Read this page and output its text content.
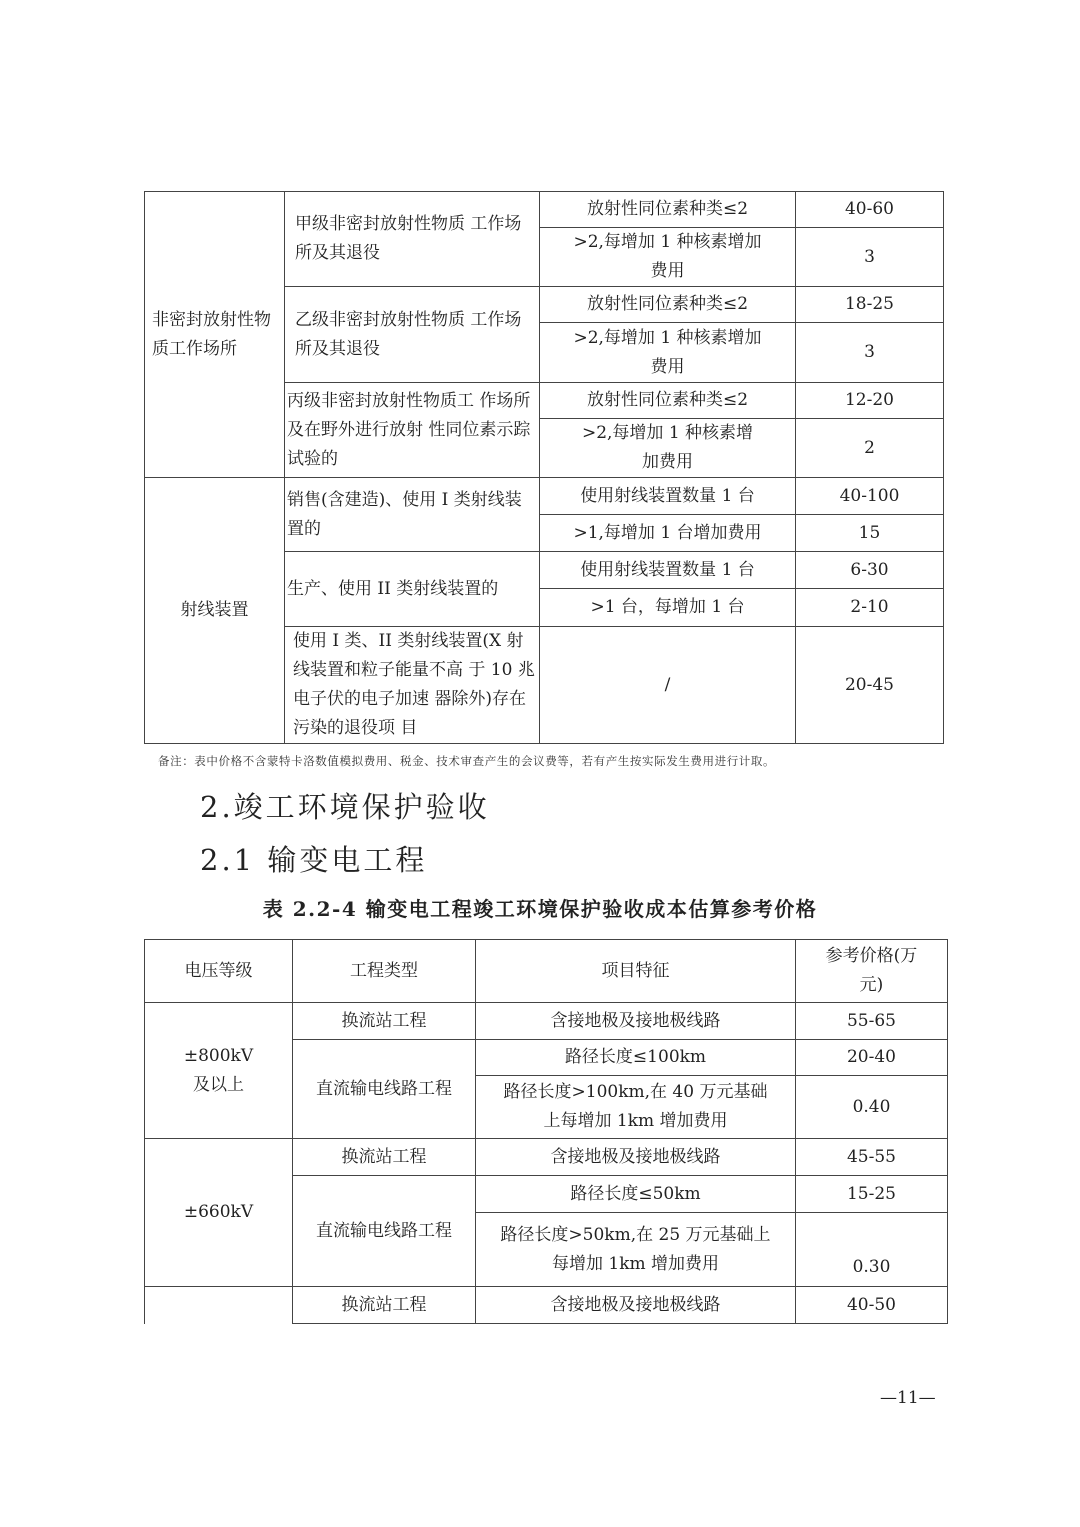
非密封放射性物质工作场所	甲级非密封放射性物质 工作场所及其退役	放射性同位素种类≤2	40-60
		>2,每增加 1 种核素增加费用	3
	乙级非密封放射性物质 工作场所及其退役	放射性同位素种类≤2	18-25
		>2,每增加 1 种核素增加费用	3
	丙级非密封放射性物质工 作场所及在野外进行放射 性同位素示踪试验的	放射性同位素种类≤2	12-20
		>2,每增加 1 种核素增加费用	2
射线装置	销售(含建造)、使用 I 类射线装置的	使用射线装置数量 1 台	40-100
		>1,每增加 1 台增加费用	15
	生产、使用 II 类射线装置的	使用射线装置数量 1 台	6-30
		>1 台，每增加 1 台	2-10
	使用 I 类、II 类射线装置(X 射线装置和粒子能量不高 于 10 兆电子伏的电子加速 器除外)存在污染的退役项 目	/	20-45
备注：表中价格不含蒙特卡洛数值模拟费用、税金、技术审查产生的会议费等，若有产生按实际发生费用进行计取。
2.竣工环境保护验收
2.1 输变电工程
表 2.2-4 输变电工程竣工环境保护验收成本估算参考价格
电压等级	工程类型	项目特征	参考价格(万元)
±800kV 及以上	换流站工程	含接地极及接地极线路	55-65
	直流输电线路工程	路径长度≤100km	20-40
		路径长度>100km,在 40 万元基础上每增加 1km 增加费用	0.40
±660kV	换流站工程	含接地极及接地极线路	45-55
	直流输电线路工程	路径长度≤50km	15-25
		路径长度>50km,在 25 万元基础上每增加 1km 增加费用	0.30
	换流站工程	含接地极及接地极线路	40-50
—11—
